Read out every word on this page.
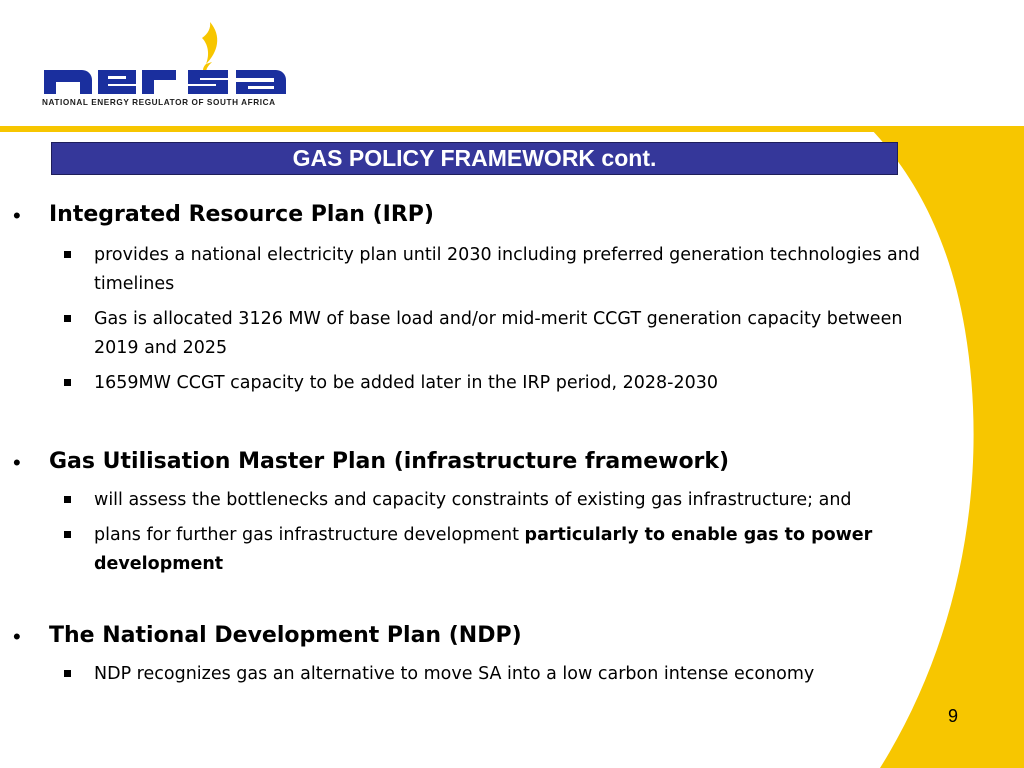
NATIONAL ENERGY REGULATOR OF SOUTH AFRICA
GAS POLICY FRAMEWORK cont.
• Integrated Resource Plan (IRP)
provides a national electricity plan until 2030 including preferred generation technologies and timelines
Gas is allocated 3126 MW of base load and/or mid-merit CCGT generation capacity between 2019 and 2025
1659MW CCGT capacity to be added later in the IRP period, 2028-2030
• Gas Utilisation Master Plan (infrastructure framework)
will assess the bottlenecks and capacity constraints of existing gas infrastructure; and
plans for further gas infrastructure development particularly to enable gas to power development
• The National Development Plan (NDP)
NDP recognizes gas an alternative to move SA into a low carbon intense economy
9
